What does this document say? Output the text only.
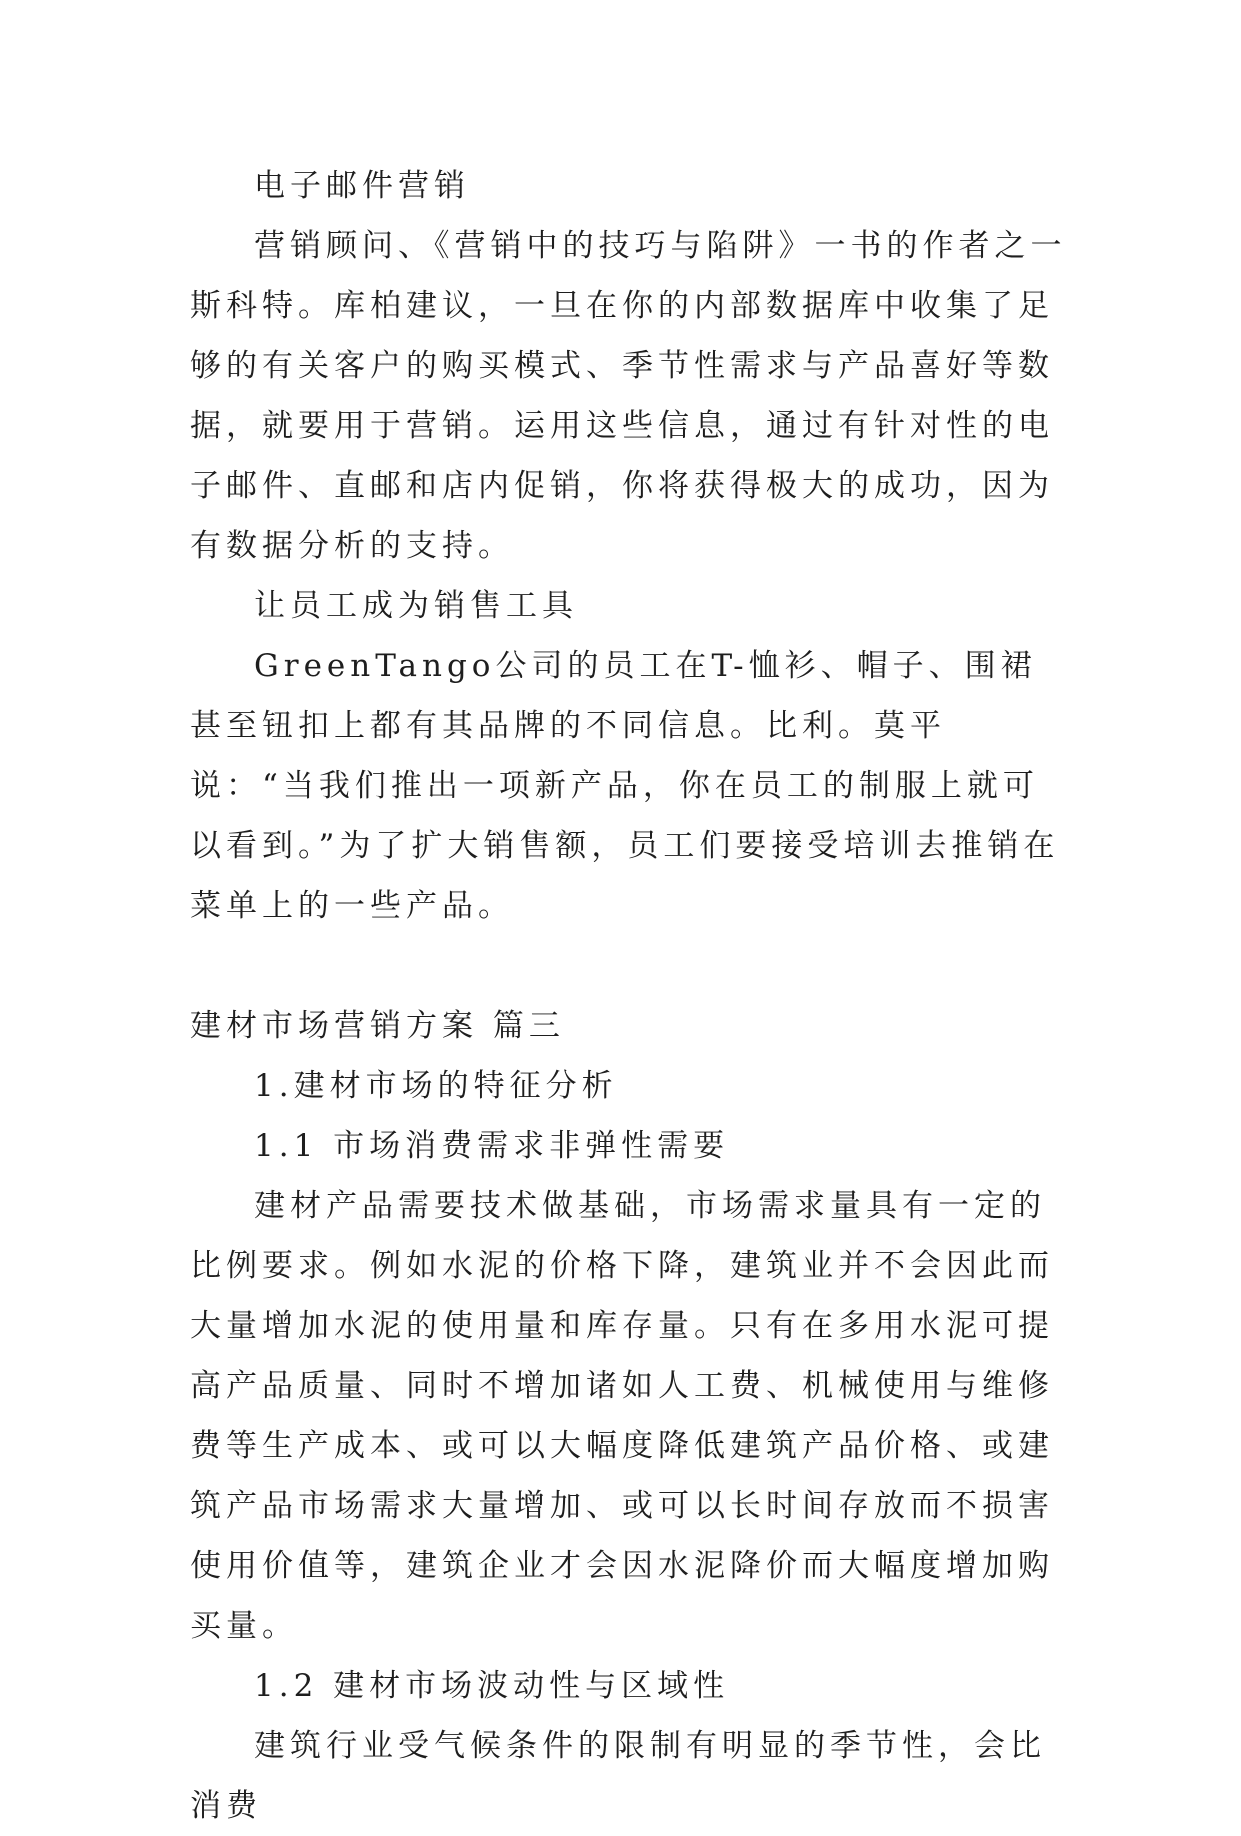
电子邮件营销

营销顾问、《营销中的技巧与陷阱》一书的作者之一斯科特。库柏建议，一旦在你的内部数据库中收集了足够的有关客户的购买模式、季节性需求与产品喜好等数据，就要用于营销。运用这些信息，通过有针对性的电子邮件、直邮和店内促销，你将获得极大的成功，因为有数据分析的支持。

让员工成为销售工具

GreenTango公司的员工在T-恤衫、帽子、围裙甚至钮扣上都有其品牌的不同信息。比利。莫平说：“当我们推出一项新产品，你在员工的制服上就可以看到。”为了扩大销售额，员工们要接受培训去推销在菜单上的一些产品。

建材市场营销方案 篇三

1.建材市场的特征分析

1.1 市场消费需求非弹性需要

建材产品需要技术做基础，市场需求量具有一定的比例要求。例如水泥的价格下降，建筑业并不会因此而大量增加水泥的使用量和库存量。只有在多用水泥可提高产品质量、同时不增加诸如人工费、机械使用与维修费等生产成本、或可以大幅度降低建筑产品价格、或建筑产品市场需求大量增加、或可以长时间存放而不损害使用价值等，建筑企业才会因水泥降价而大幅度增加购买量。

1.2 建材市场波动性与区域性

建筑行业受气候条件的限制有明显的季节性，会比消费
